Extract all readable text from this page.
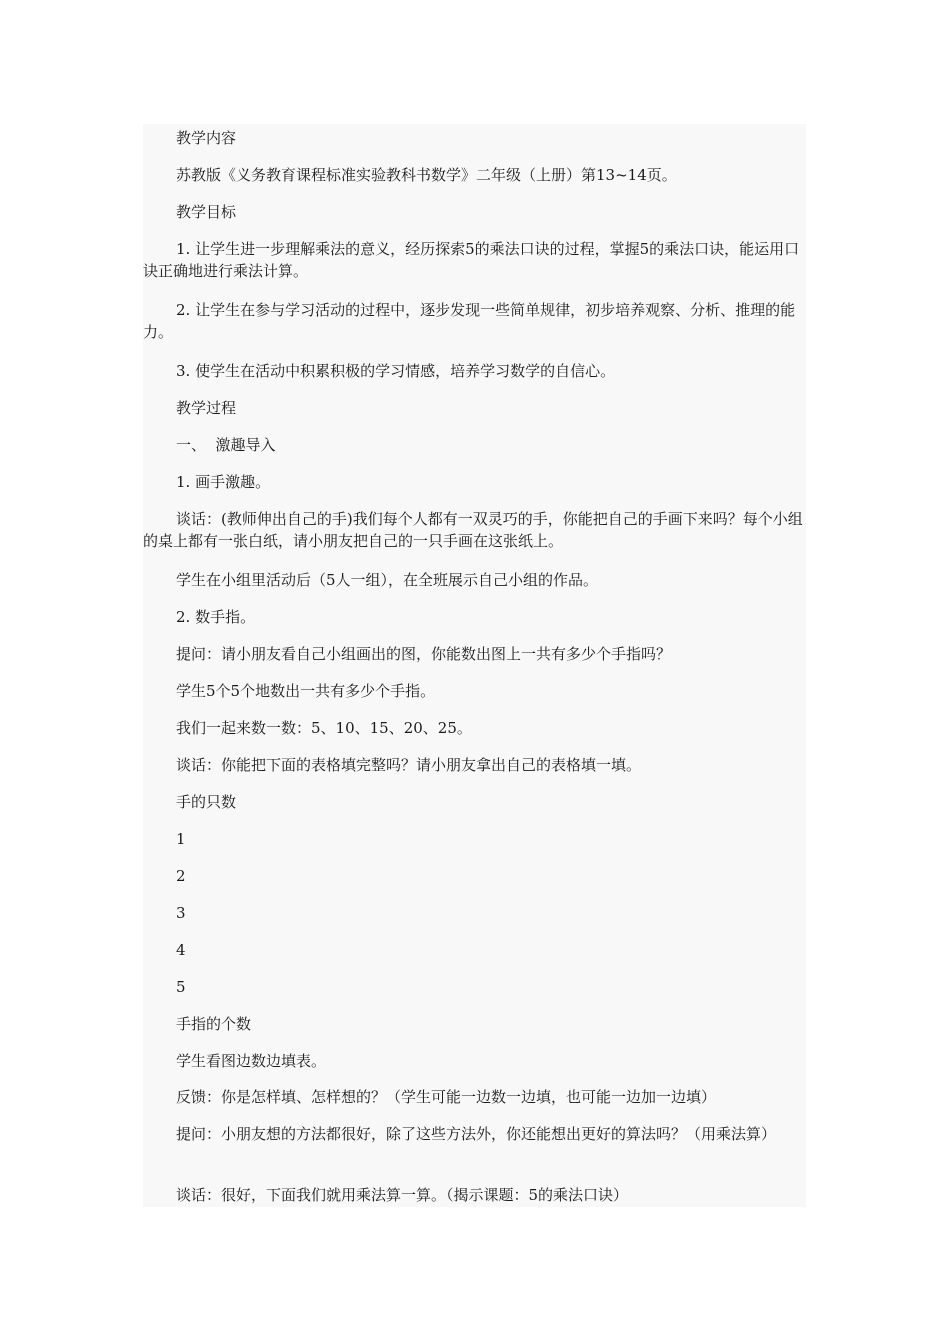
教学内容

苏教版《义务教育课程标准实验教科书数学》二年级（上册）第13~14页。

教学目标

1. 让学生进一步理解乘法的意义，经历探索5的乘法口诀的过程，掌握5的乘法口诀，能运用口诀正确地进行乘法计算。

2. 让学生在参与学习活动的过程中，逐步发现一些简单规律，初步培养观察、分析、推理的能力。

3. 使学生在活动中积累积极的学习情感，培养学习数学的自信心。

教学过程

一、  激趣导入

1. 画手激趣。

谈话：(教师伸出自己的手)我们每个人都有一双灵巧的手，你能把自己的手画下来吗？每个小组的桌上都有一张白纸，请小朋友把自己的一只手画在这张纸上。

学生在小组里活动后（5人一组），在全班展示自己小组的作品。

2. 数手指。

提问：请小朋友看自己小组画出的图，你能数出图上一共有多少个手指吗？

学生5个5个地数出一共有多少个手指。

我们一起来数一数：5、10、15、20、25。

谈话：你能把下面的表格填完整吗？请小朋友拿出自己的表格填一填。

手的只数

1

2

3

4

5

手指的个数

学生看图边数边填表。

反馈：你是怎样填、怎样想的？（学生可能一边数一边填，也可能一边加一边填）

提问：小朋友想的方法都很好，除了这些方法外，你还能想出更好的算法吗？（用乘法算）

谈话：很好，下面我们就用乘法算一算。（揭示课题：5的乘法口诀）
